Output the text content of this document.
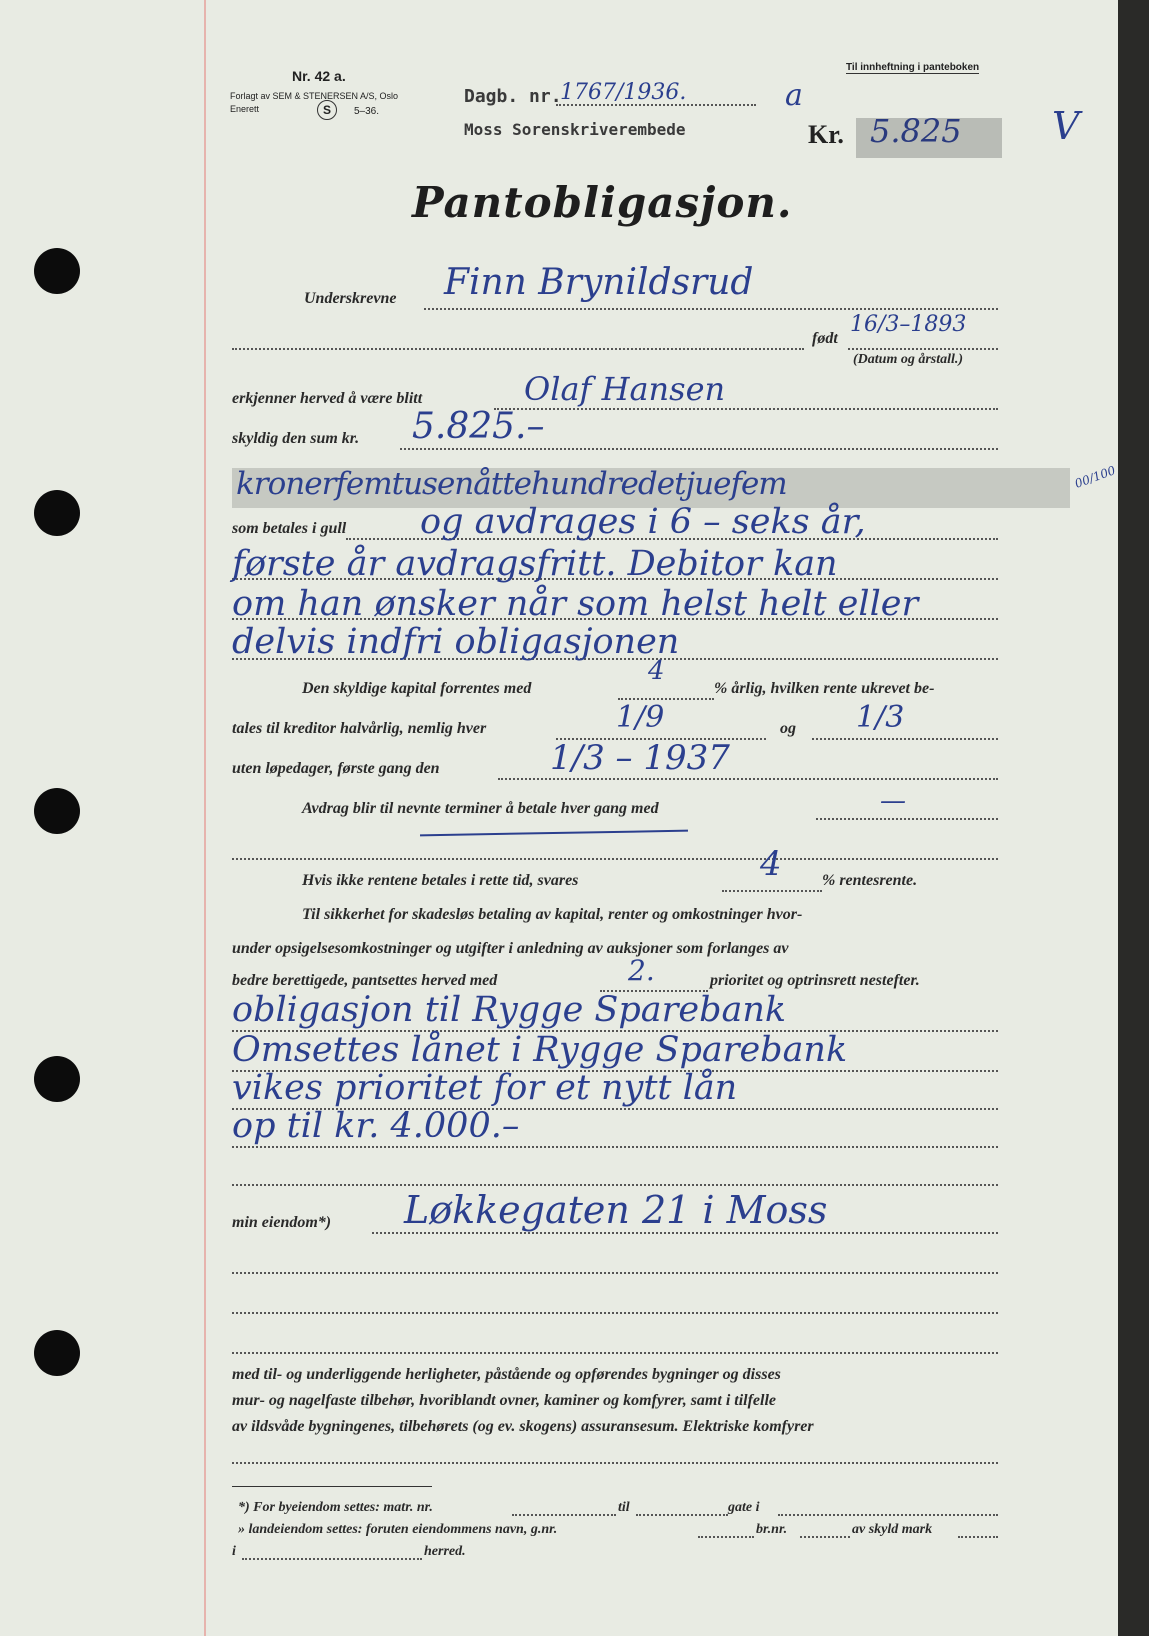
Nr. 42 a.
Forlagt av SEM & STENERSEN A/S, Oslo
Enerett	S	5–36.
Dagb. nr.
1767/1936.
Moss Sorenskriverembede
a
Til innheftning i panteboken
Kr. 5.825 V
Pantobligasjon.
Underskrevne Finn Brynildsrud
født
16/3–1893
(Datum og årstall.)
erkjenner herved å være blitt	Olaf Hansen
skyldig den sum kr. 5.825.–
kronerfemtusenåttehundredetjuefem	00/100
som betales i gull og avdrages i 6 – seks år,
første år avdragsfritt. Debitor kan
om han ønsker når som helst helt eller
delvis indfri obligasjonen
Den skyldige kapital forrentes med
4
% årlig, hvilken rente ukrevet be-
tales til kreditor halvårlig, nemlig hver	1/9	og 1/3
uten løpedager, første gang den	1/3 – 1937
Avdrag blir til nevnte terminer å betale hver gang med	—
Hvis ikke rentene betales i rette tid, svares	4	% rentesrente.
Til sikkerhet for skadesløs betaling av kapital, renter og omkostninger hvor-
under opsigelsesomkostninger og utgifter i anledning av auksjoner som forlanges av
bedre berettigede, pantsettes herved med	2.	prioritet og optrinsrett nestefter.
obligasjon til Rygge Sparebank
Omsettes lånet i Rygge Sparebank
vikes prioritet for et nytt lån
op til kr. 4.000.–
min eiendom*) Løkkegaten 21 i Moss
med til- og underliggende herligheter, påstående og opførendes bygninger og disses
mur- og nagelfaste tilbehør, hvoriblandt ovner, kaminer og komfyrer, samt i tilfelle
av ildsvåde bygningenes, tilbehørets (og ev. skogens) assuransesum. Elektriske komfyrer
*) For byeiendom settes: matr. nr.	til	gate i
» landeiendom settes: foruten eiendommens navn, g.nr.	br.nr.	av skyld mark
i	herred.
